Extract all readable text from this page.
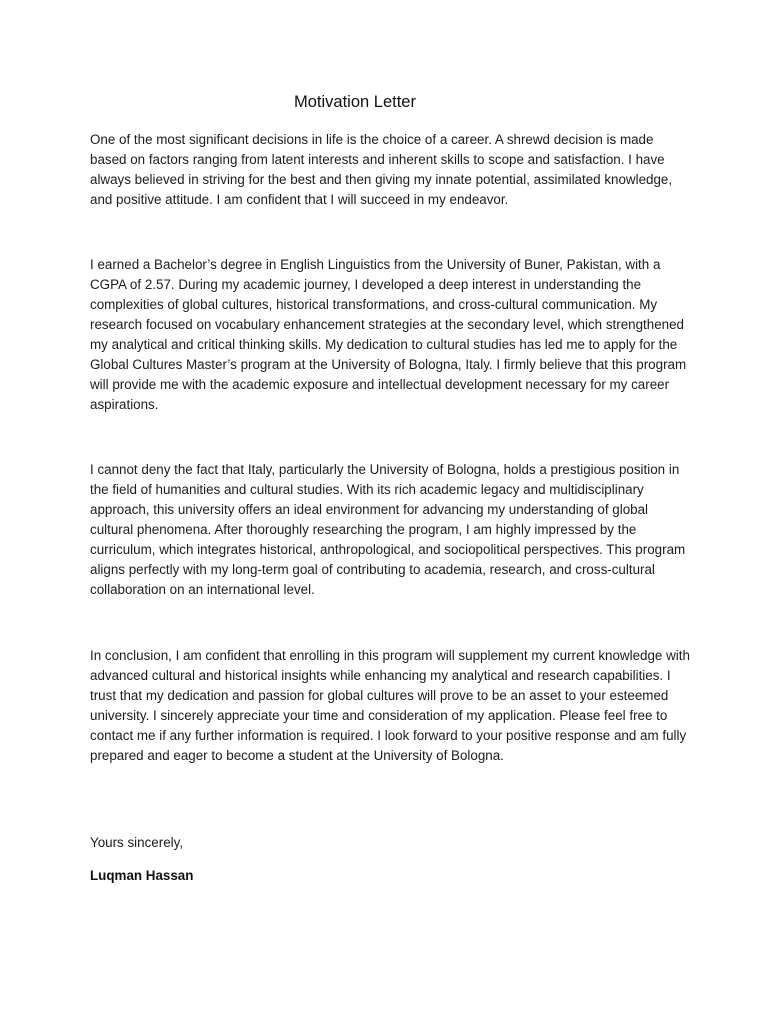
Motivation Letter

One of the most significant decisions in life is the choice of a career. A shrewd decision is made based on factors ranging from latent interests and inherent skills to scope and satisfaction. I have always believed in striving for the best and then giving my innate potential, assimilated knowledge, and positive attitude. I am confident that I will succeed in my endeavor.

I earned a Bachelor’s degree in English Linguistics from the University of Buner, Pakistan, with a CGPA of 2.57. During my academic journey, I developed a deep interest in understanding the complexities of global cultures, historical transformations, and cross-cultural communication. My research focused on vocabulary enhancement strategies at the secondary level, which strengthened my analytical and critical thinking skills. My dedication to cultural studies has led me to apply for the Global Cultures Master’s program at the University of Bologna, Italy. I firmly believe that this program will provide me with the academic exposure and intellectual development necessary for my career aspirations.

I cannot deny the fact that Italy, particularly the University of Bologna, holds a prestigious position in the field of humanities and cultural studies. With its rich academic legacy and multidisciplinary approach, this university offers an ideal environment for advancing my understanding of global cultural phenomena. After thoroughly researching the program, I am highly impressed by the curriculum, which integrates historical, anthropological, and sociopolitical perspectives. This program aligns perfectly with my long-term goal of contributing to academia, research, and cross-cultural collaboration on an international level.

In conclusion, I am confident that enrolling in this program will supplement my current knowledge with advanced cultural and historical insights while enhancing my analytical and research capabilities. I trust that my dedication and passion for global cultures will prove to be an asset to your esteemed university. I sincerely appreciate your time and consideration of my application. Please feel free to contact me if any further information is required. I look forward to your positive response and am fully prepared and eager to become a student at the University of Bologna.

Yours sincerely,

Luqman Hassan
